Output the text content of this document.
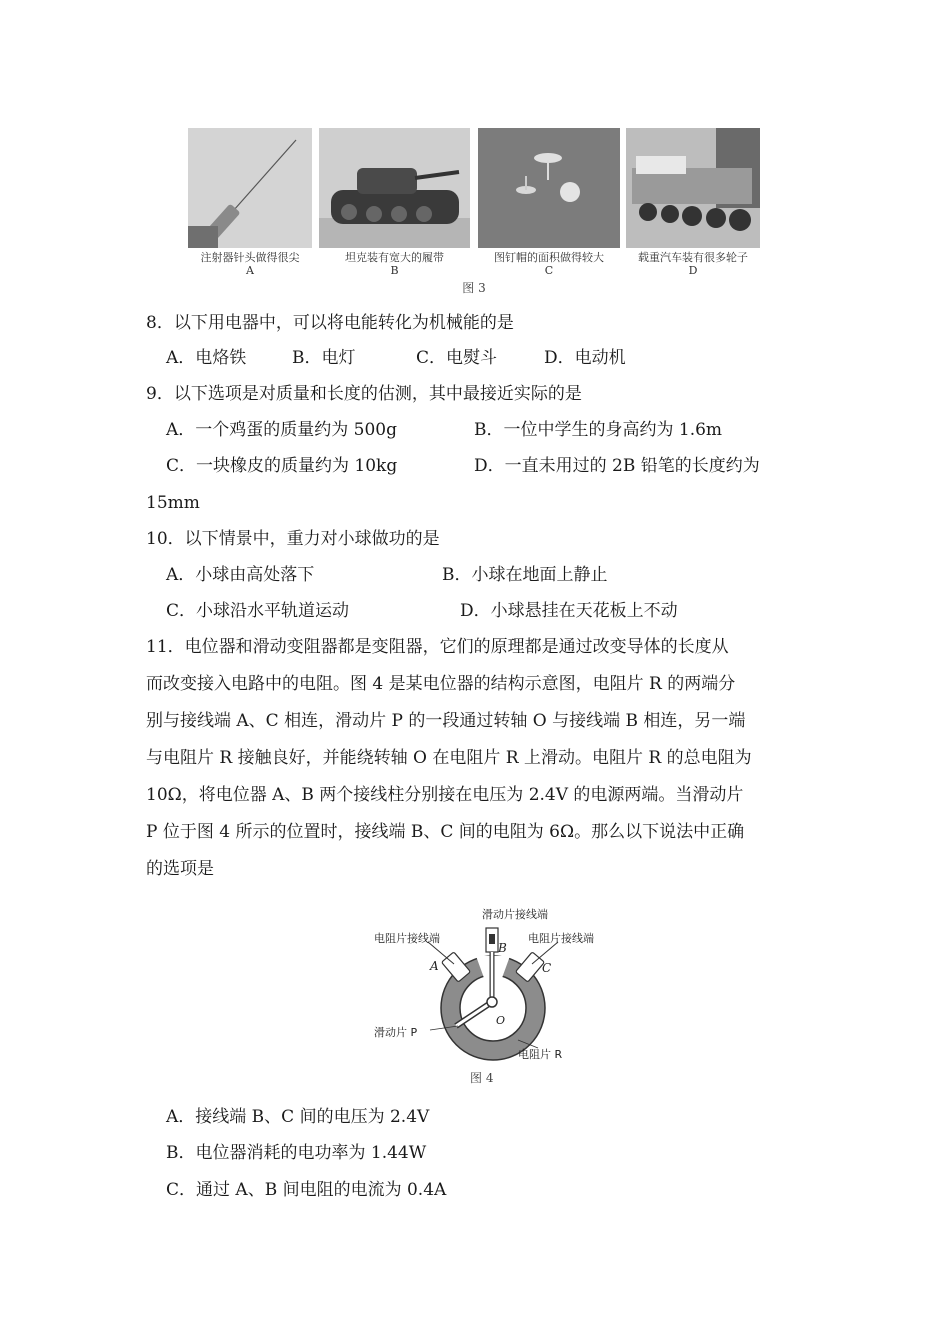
注射器针头做得很尖
A
坦克装有宽大的履带
B
图钉帽的面积做得较大
C
载重汽车装有很多轮子
D
图 3
8．以下用电器中，可以将电能转化为机械能的是
A．电烙铁	B．电灯	C．电熨斗	D．电动机
9．以下选项是对质量和长度的估测，其中最接近实际的是
A．一个鸡蛋的质量约为 500g	B．一位中学生的身高约为 1.6m
C．一块橡皮的质量约为 10kg	D．一直未用过的 2B 铅笔的长度约为
15mm
10．以下情景中，重力对小球做功的是
A．小球由高处落下	B．小球在地面上静止
C．小球沿水平轨道运动	D．小球悬挂在天花板上不动
11．电位器和滑动变阻器都是变阻器，它们的原理都是通过改变导体的长度从
而改变接入电路中的电阻。图 4 是某电位器的结构示意图，电阻片 R 的两端分
别与接线端 A、C 相连，滑动片 P 的一段通过转轴 O 与接线端 B 相连，另一端
与电阻片 R 接触良好，并能绕转轴 O 在电阻片 R 上滑动。电阻片 R 的总电阻为
10Ω，将电位器 A、B 两个接线柱分别接在电压为 2.4V 的电源两端。当滑动片
P 位于图 4 所示的位置时，接线端 B、C 间的电阻为 6Ω。那么以下说法中正确
的选项是
滑动片接线端
电阻片接线端	电阻片接线端
A
B
C
O
滑动片 P
电阻片 R
图 4
A．接线端 B、C 间的电压为 2.4V
B．电位器消耗的电功率为 1.44W
C．通过 A、B 间电阻的电流为 0.4A
